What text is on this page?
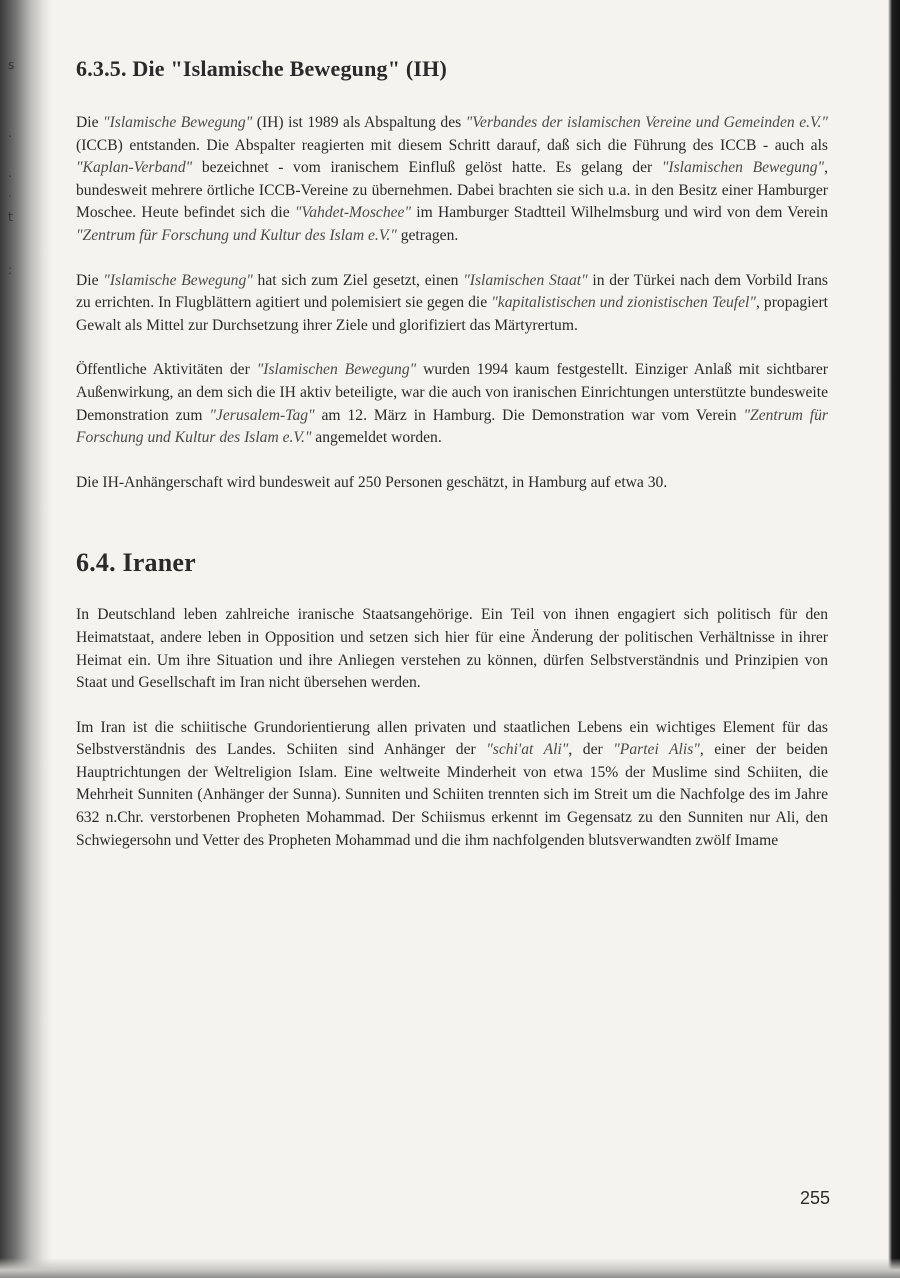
s
.
.
.
t
:
6.3.5. Die "Islamische Bewegung" (IH)

Die "Islamische Bewegung" (IH) ist 1989 als Abspaltung des "Verbandes der islamischen Vereine und Gemeinden e.V." (ICCB) entstanden. Die Abspalter reagierten mit diesem Schritt darauf, daß sich die Führung des ICCB - auch als "Kaplan-Verband" bezeichnet - vom iranischem Einfluß gelöst hatte. Es gelang der "Islamischen Bewegung", bundesweit mehrere örtliche ICCB-Vereine zu übernehmen. Dabei brachten sie sich u.a. in den Besitz einer Hamburger Moschee. Heute befindet sich die "Vahdet-Moschee" im Hamburger Stadtteil Wilhelmsburg und wird von dem Verein "Zentrum für Forschung und Kultur des Islam e.V." getragen.

Die "Islamische Bewegung" hat sich zum Ziel gesetzt, einen "Islamischen Staat" in der Türkei nach dem Vorbild Irans zu errichten. In Flugblättern agitiert und polemisiert sie gegen die "kapitalistischen und zionistischen Teufel", propagiert Gewalt als Mittel zur Durchsetzung ihrer Ziele und glorifiziert das Märtyrertum.

Öffentliche Aktivitäten der "Islamischen Bewegung" wurden 1994 kaum festgestellt. Einziger Anlaß mit sichtbarer Außenwirkung, an dem sich die IH aktiv beteiligte, war die auch von iranischen Einrichtungen unterstützte bundesweite Demonstration zum "Jerusalem-Tag" am 12. März in Hamburg. Die Demonstration war vom Verein "Zentrum für Forschung und Kultur des Islam e.V." angemeldet worden.

Die IH-Anhängerschaft wird bundesweit auf 250 Personen geschätzt, in Hamburg auf etwa 30.

6.4. Iraner

In Deutschland leben zahlreiche iranische Staatsangehörige. Ein Teil von ihnen engagiert sich politisch für den Heimatstaat, andere leben in Opposition und setzen sich hier für eine Änderung der politischen Verhältnisse in ihrer Heimat ein. Um ihre Situation und ihre Anliegen verstehen zu können, dürfen Selbstverständnis und Prinzipien von Staat und Gesellschaft im Iran nicht übersehen werden.

Im Iran ist die schiitische Grundorientierung allen privaten und staatlichen Lebens ein wichtiges Element für das Selbstverständnis des Landes. Schiiten sind Anhänger der "schi'at Ali", der "Partei Alis", einer der beiden Hauptrichtungen der Weltreligion Islam. Eine weltweite Minderheit von etwa 15% der Muslime sind Schiiten, die Mehrheit Sunniten (Anhänger der Sunna). Sunniten und Schiiten trennten sich im Streit um die Nachfolge des im Jahre 632 n.Chr. verstorbenen Propheten Mohammad. Der Schiismus erkennt im Gegensatz zu den Sunniten nur Ali, den Schwiegersohn und Vetter des Propheten Mohammad und die ihm nachfolgenden blutsverwandten zwölf Imame

255
